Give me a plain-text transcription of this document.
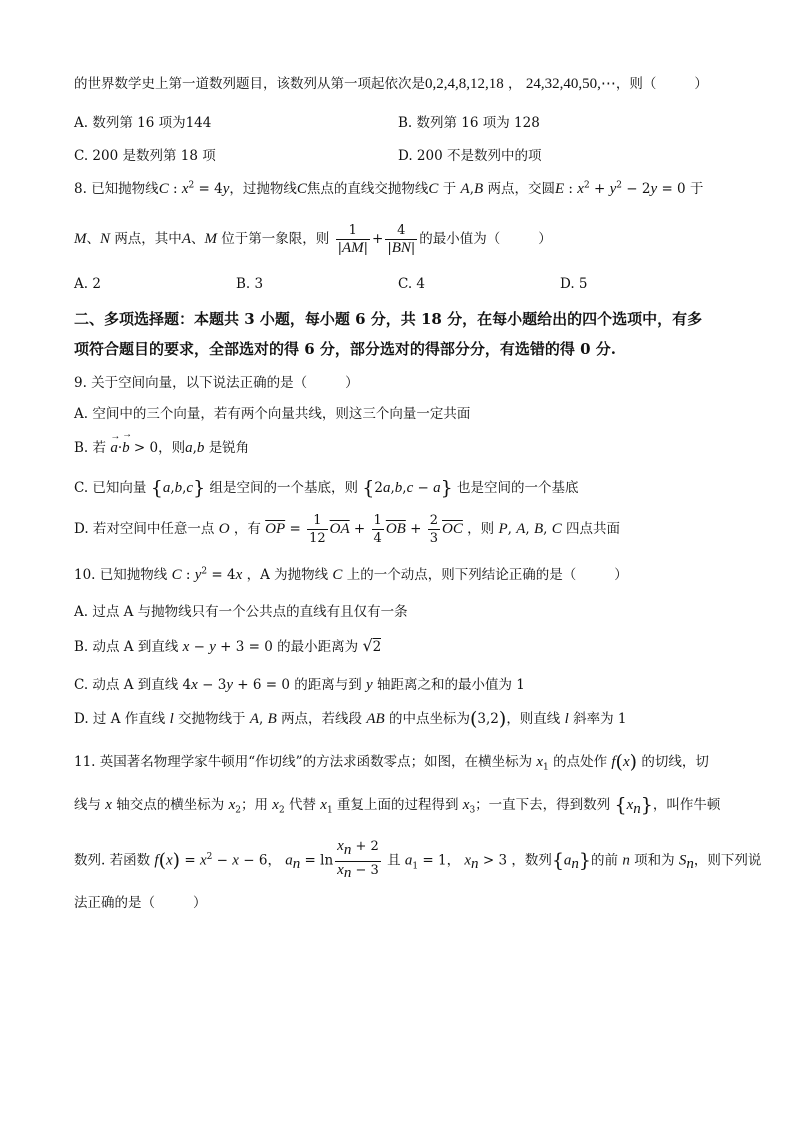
的世界数学史上第一道数列题目，该数列从第一项起依次是0,2,4,8,12,18 ， 24,32,40,50,⋯，则（	）
A. 数列第 16 项为144	B. 数列第 16 项为 128
C. 200 是数列第 18 项	D. 200 不是数列中的项
8. 已知抛物线C : $x^2 = 4y$，过抛物线C焦点的直线交抛物线C 于 A,B 两点，交圆E : $x^2 + y^2 - 2y = 0$ 于
M、N 两点，其中A、M 位于第一象限，则 $\frac{1}{|AM|} + \frac{4}{|BN|}$ 的最小值为（	）
A. 2	B. 3	C. 4	D. 5
二、多项选择题：本题共 3 小题，每小题 6 分，共 18 分，在每小题给出的四个选项中，有多
项符合题目的要求，全部选对的得 6 分，部分选对的得部分分，有选错的得 0 分.
9. 关于空间向量，以下说法正确的是（	）
A. 空间中的三个向量，若有两个向量共线，则这三个向量一定共面
B. 若 a
→
·b
→
> 0，则a,b 是锐角
C. 已知向量 {a,b,c} 组是空间的一个基底，则 {2a,b,c − a} 也是空间的一个基底
D. 若对空间中任意一点 O ，有 $\overline{OP} = \frac{1}{12} \overline{OA} + \frac{1}{4} \overline{OB} + \frac{2}{3} \overline{OC}$ ，则 P, A, B, C 四点共面
10. 已知抛物线 C : $y^2 = 4x$ ，A 为抛物线 C 上的一个动点，则下列结论正确的是（	）
A. 过点 A 与抛物线只有一个公共点的直线有且仅有一条
B. 动点 A 到直线 x − y + 3 = 0 的最小距离为 √2
C. 动点 A 到直线 4x − 3y + 6 = 0 的距离与到 y 轴距离之和的最小值为 1
D. 过 A 作直线 l 交抛物线于 A, B 两点，若线段 AB 的中点坐标为(3,2)，则直线 l 斜率为 1
11. 英国著名物理学家牛顿用“作切线”的方法求函数零点；如图，在横坐标为 $x_1$ 的点处作 f(x) 的切线，切
线与 x 轴交点的横坐标为 $x_2$；用 $x_2$ 代替 $x_1$ 重复上面的过程得到 $x_3$；一直下去，得到数列 $\{x_n\}$，叫作牛顿
数列. 若函数 $f(x) = x^2 - x - 6$， $a_n = \ln \frac{x_n + 2}{x_n - 3}$ 且 $a_1 = 1$， $x_n > 3$ ，数列$\{a_n\}$的前 n 项和为 $S_n$，则下列说
法正确的是（	）
